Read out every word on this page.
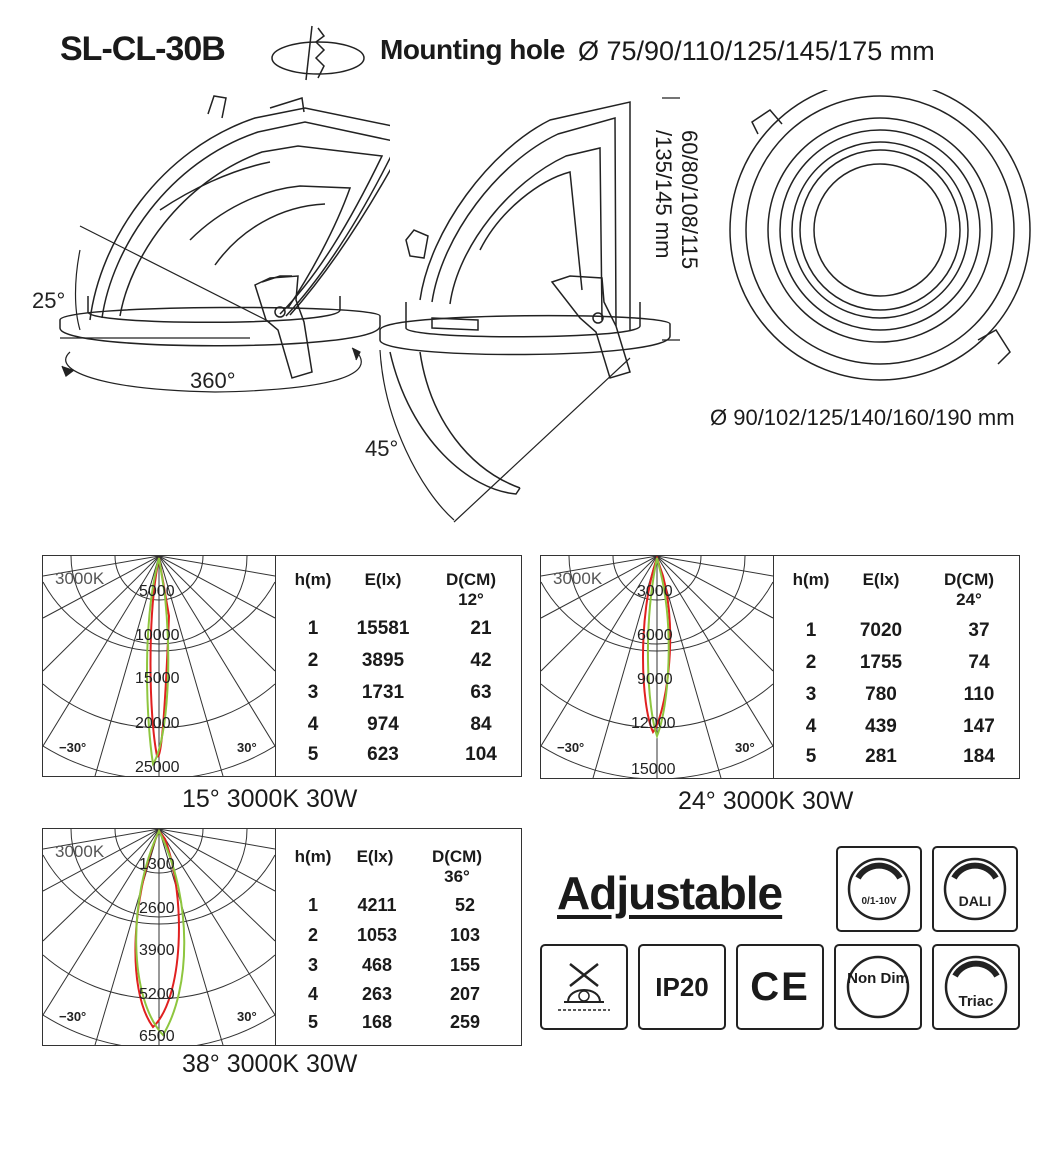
SL-CL-30B	Mounting hole Ø 75/90/110/125/145/175 mm
25°
360°
45°
60/80/108/115 /135/145 mm
Ø 90/102/125/140/160/190 mm
3000K
5000
10000
15000
20000
25000
−30°	30°
h(m)	E(lx)	D(CM)
12°
1	15581	21
2	3895	42
3	1731	63
4	974	84
5	623	104
15° 3000K 30W
3000K
3000
6000
9000
12000
15000
−30°	30°
h(m)	E(lx)	D(CM)
24°
1	7020	37
2	1755	74
3	780	110
4	439	147
5	281	184
24° 3000K 30W
3000K
1300
2600
3900
5200
6500
−30°	30°
h(m)	E(lx)	D(CM)
36°
1	4211	52
2	1053	103
3	468	155
4	263	207
5	168	259
38° 3000K 30W
Adjustable	0/1-10V	DALI
IP20	CE	Non Dim
Triac
